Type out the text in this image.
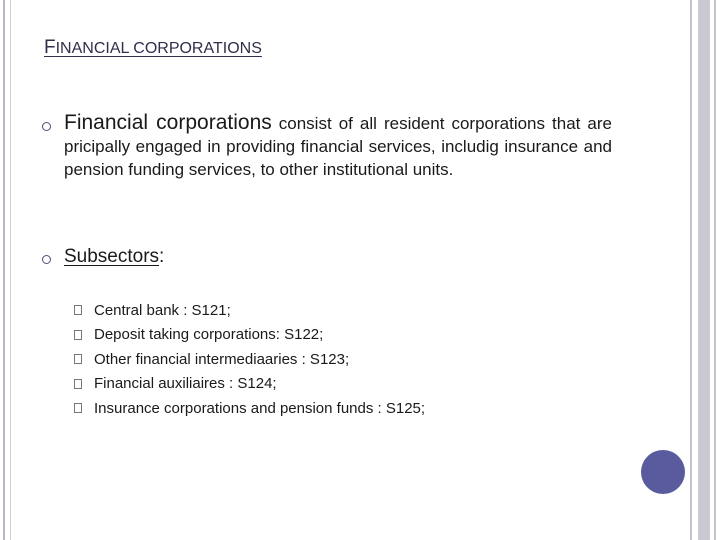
FINANCIAL CORPORATIONS
Financial corporations consist of all resident corporations that are pricipally engaged in providing financial services, includig insurance and pension funding services, to other institutional units.
Subsectors:
Central bank : S121;
Deposit taking corporations: S122;
Other financial intermediaaries : S123;
Financial auxiliaires : S124;
Insurance corporations and pension funds : S125;
